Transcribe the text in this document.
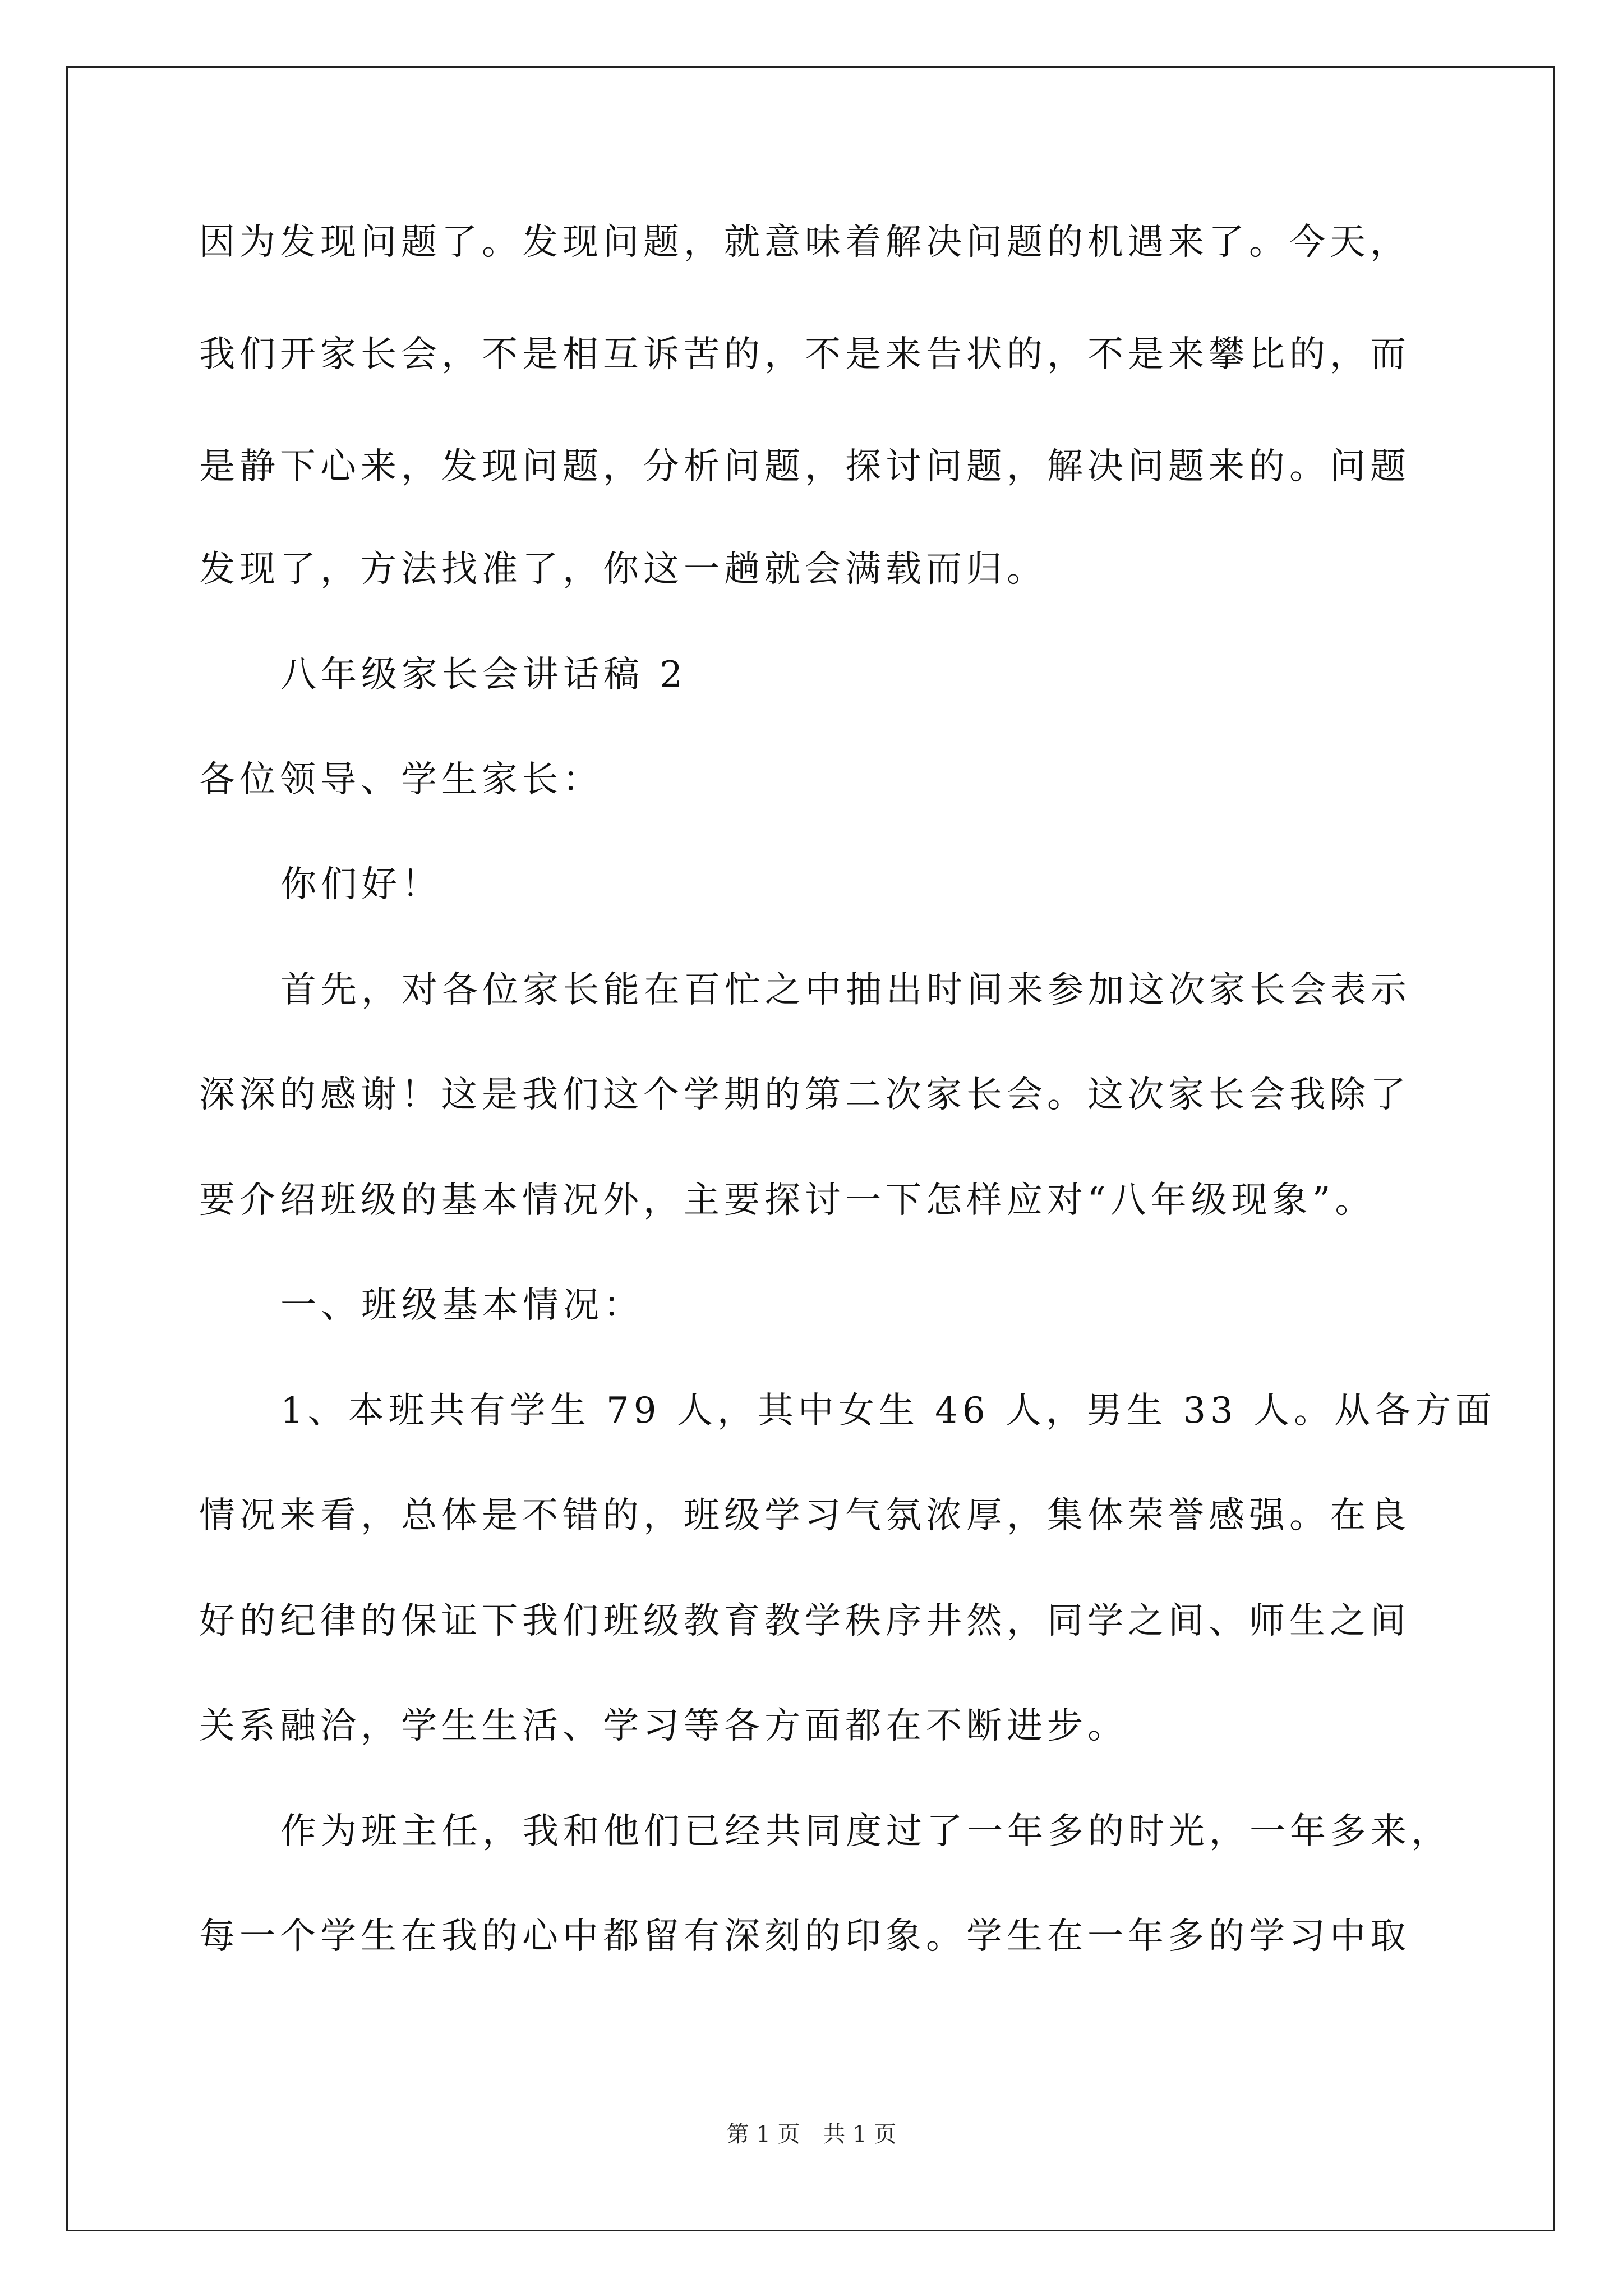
因为发现问题了。发现问题，就意味着解决问题的机遇来了。今天，
我们开家长会，不是相互诉苦的，不是来告状的，不是来攀比的，而
是静下心来，发现问题，分析问题，探讨问题，解决问题来的。问题
发现了，方法找准了，你这一趟就会满载而归。
八年级家长会讲话稿 2
各位领导、学生家长：
你们好！
首先，对各位家长能在百忙之中抽出时间来参加这次家长会表示
深深的感谢！这是我们这个学期的第二次家长会。这次家长会我除了
要介绍班级的基本情况外，主要探讨一下怎样应对“八年级现象”。
一、班级基本情况：
1、本班共有学生 79 人，其中女生 46 人，男生 33 人。从各方面
情况来看，总体是不错的，班级学习气氛浓厚，集体荣誉感强。在良
好的纪律的保证下我们班级教育教学秩序井然，同学之间、师生之间
关系融洽，学生生活、学习等各方面都在不断进步。
作为班主任，我和他们已经共同度过了一年多的时光，一年多来，
每一个学生在我的心中都留有深刻的印象。学生在一年多的学习中取
第 1 页 共 1 页
